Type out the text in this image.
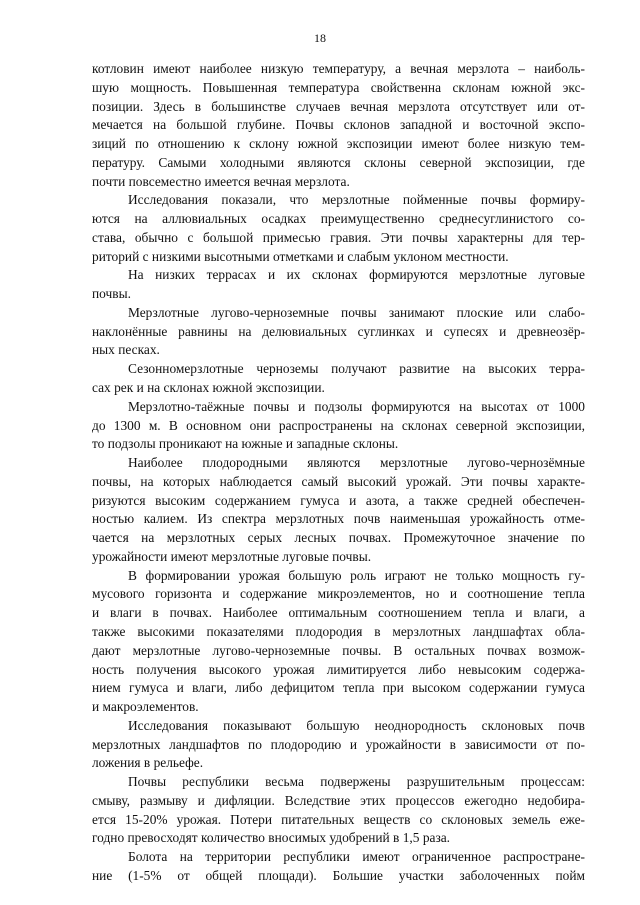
18
котловин имеют наиболее низкую температуру, а вечная мерзлота – наиболь-
шую мощность. Повышенная температура свойственна склонам южной экс-
позиции. Здесь в большинстве случаев вечная мерзлота отсутствует или от-
мечается на большой глубине. Почвы склонов западной и восточной экспо-
зиций по отношению к склону южной экспозиции имеют более низкую тем-
пературу. Самыми холодными являются склоны северной экспозиции, где
почти повсеместно имеется вечная мерзлота.
Исследования показали, что мерзлотные пойменные почвы формиру-
ются на аллювиальных осадках преимущественно среднесуглинистого со-
става, обычно с большой примесью гравия. Эти почвы характерны для тер-
риторий с низкими высотными отметками и слабым уклоном местности.
На низких террасах и их склонах формируются мерзлотные луговые
почвы.
Мерзлотные лугово-черноземные почвы занимают плоские или слабо-
наклонённые равнины на делювиальных суглинках и супесях и древнеозёр-
ных песках.
Сезонномерзлотные черноземы получают развитие на высоких терра-
сах рек и на склонах южной экспозиции.
Мерзлотно-таёжные почвы и подзолы формируются на высотах от 1000
до 1300 м. В основном они распространены на склонах северной экспозиции,
то подзолы проникают на южные и западные склоны.
Наиболее плодородными являются мерзлотные лугово-чернозёмные
почвы, на которых наблюдается самый высокий урожай. Эти почвы характе-
ризуются высоким содержанием гумуса и азота, а также средней обеспечен-
ностью калием. Из спектра мерзлотных почв наименьшая урожайность отме-
чается на мерзлотных серых лесных почвах. Промежуточное значение по
урожайности имеют мерзлотные луговые почвы.
В формировании урожая большую роль играют не только мощность гу-
мусового горизонта и содержание микроэлементов, но и соотношение тепла
и влаги в почвах. Наиболее оптимальным соотношением тепла и влаги, а
также высокими показателями плодородия в мерзлотных ландшафтах обла-
дают мерзлотные лугово-черноземные почвы. В остальных почвах возмож-
ность получения высокого урожая лимитируется либо невысоким содержа-
нием гумуса и влаги, либо дефицитом тепла при высоком содержании гумуса
и макроэлементов.
Исследования показывают большую неоднородность склоновых почв
мерзлотных ландшафтов по плодородию и урожайности в зависимости от по-
ложения в рельефе.
Почвы республики весьма подвержены разрушительным процессам:
смыву, размыву и дифляции. Вследствие этих процессов ежегодно недобира-
ется 15-20% урожая. Потери питательных веществ со склоновых земель еже-
годно превосходят количество вносимых удобрений в 1,5 раза.
Болота на территории республики имеют ограниченное распростране-
ние (1-5% от общей площади). Большие участки заболоченных пойм
